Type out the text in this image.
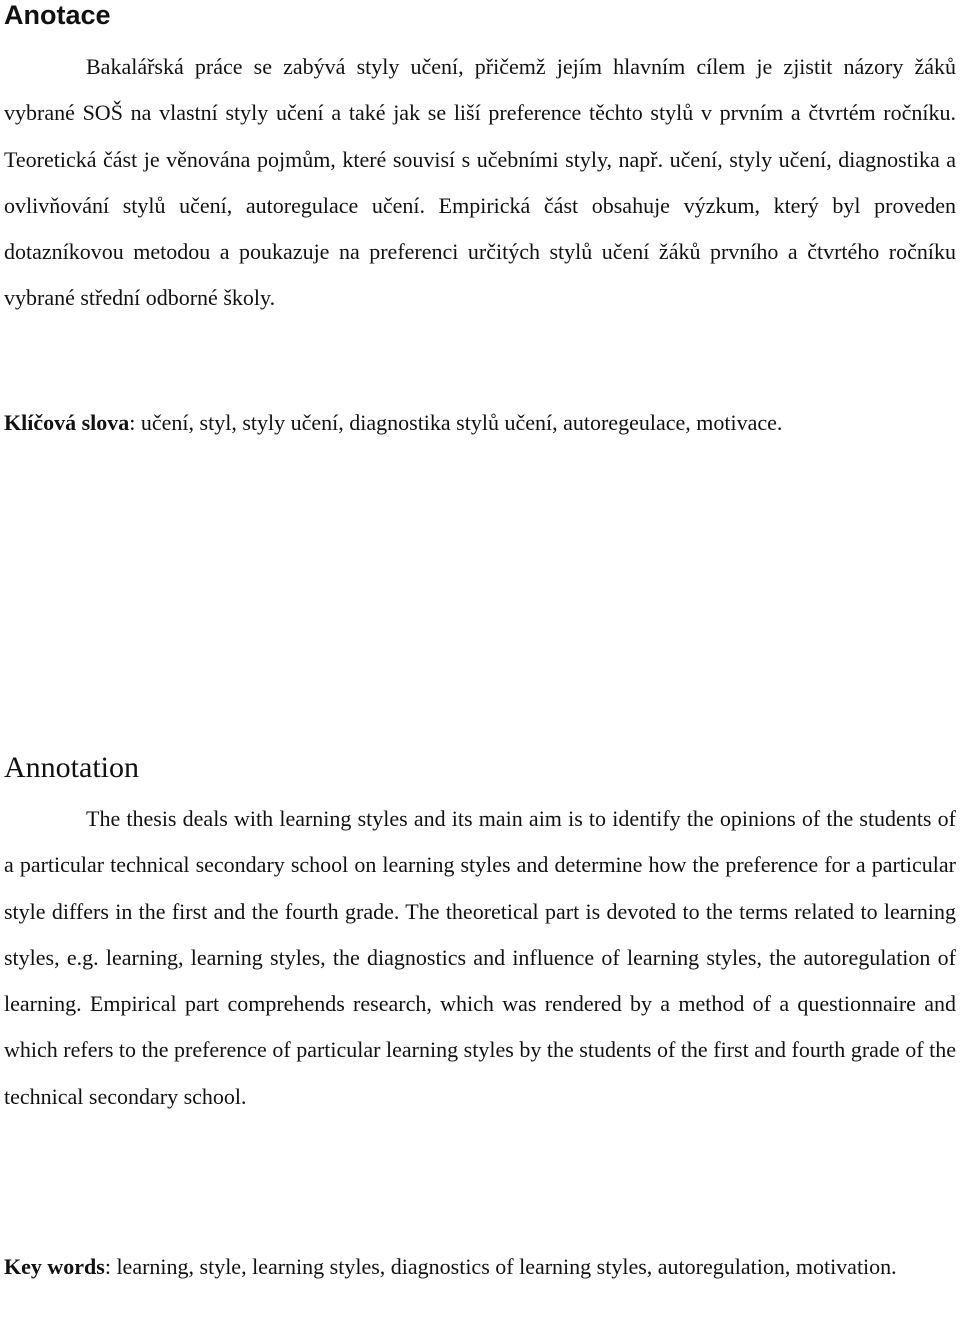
Anotace

Bakalářská práce se zabývá styly učení, přičemž jejím hlavním cílem je zjistit názory žáků vybrané SOŠ na vlastní styly učení a také jak se liší preference těchto stylů v prvním a čtvrtém ročníku. Teoretická část je věnována pojmům, které souvisí s učebními styly, např. učení, styly učení, diagnostika a ovlivňování stylů učení, autoregulace učení. Empirická část obsahuje výzkum, který byl proveden dotazníkovou metodou a poukazuje na preferenci určitých stylů učení žáků prvního a čtvrtého ročníku vybrané střední odborné školy.

Klíčová slova: učení, styl, styly učení, diagnostika stylů učení, autoregeulace, motivace.

Annotation

The thesis deals with learning styles and its main aim is to identify the opinions of the students of a particular technical secondary school on learning styles and determine how the preference for a particular style differs in the first and the fourth grade. The theoretical part is devoted to the terms related to learning styles, e.g. learning, learning styles, the diagnostics and influence of learning styles, the autoregulation of learning. Empirical part comprehends research, which was rendered by a method of a questionnaire and which refers to the preference of particular learning styles by the students of the first and fourth grade of the technical secondary school.

Key words: learning, style, learning styles, diagnostics of learning styles, autoregulation, motivation.
